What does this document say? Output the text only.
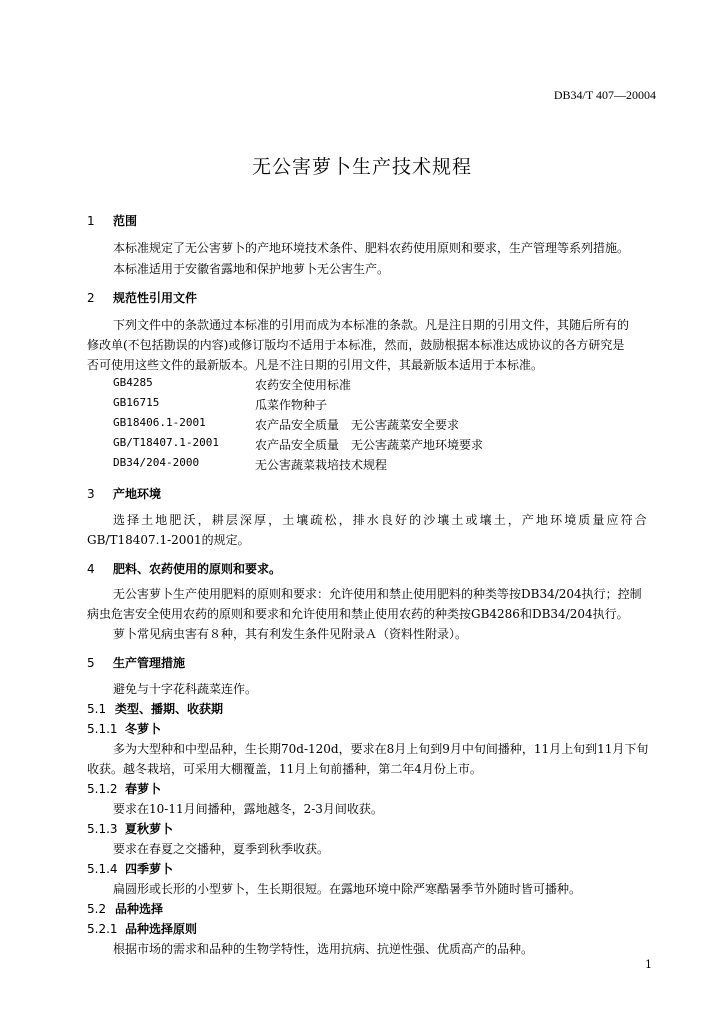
DB34/T 407—20004
无公害萝卜生产技术规程
1 范围
本标准规定了无公害萝卜的产地环境技术条件、肥料农药使用原则和要求，生产管理等系列措施。
本标准适用于安徽省露地和保护地萝卜无公害生产。
2 规范性引用文件
下列文件中的条款通过本标准的引用而成为本标准的条款。凡是注日期的引用文件，其随后所有的
修改单(不包括勘误的内容)或修订版均不适用于本标准，然而，鼓励根据本标准达成协议的各方研究是
否可使用这些文件的最新版本。凡是不注日期的引用文件，其最新版本适用于本标准。
GB4285	农药安全使用标准
GB16715	瓜菜作物种子
GB18406.1-2001	农产品安全质量　无公害蔬菜安全要求
GB/T18407.1-2001	农产品安全质量　无公害蔬菜产地环境要求
DB34/204-2000	无公害蔬菜栽培技术规程
3 产地环境
选择土地肥沃，耕层深厚，土壤疏松，排水良好的沙壤土或壤土，产地环境质量应符合
GB/T18407.1-2001的规定。
4 肥料、农药使用的原则和要求。
无公害萝卜生产使用肥料的原则和要求：允许使用和禁止使用肥料的种类等按DB34/204执行；控制
病虫危害安全使用农药的原则和要求和允许使用和禁止使用农药的种类按GB4286和DB34/204执行。
萝卜常见病虫害有８种，其有利发生条件见附录Ａ（资料性附录）。
5 生产管理措施
避免与十字花科蔬菜连作。
5.1 类型、播期、收获期
5.1.1 冬萝卜
多为大型种和中型品种，生长期70d-120d，要求在8月上旬到9月中旬间播种，11月上旬到11月下旬
收获。越冬栽培，可采用大棚覆盖，11月上旬前播种，第二年4月份上市。
5.1.2 春萝卜
要求在10-11月间播种，露地越冬，2-3月间收获。
5.1.3 夏秋萝卜
要求在春夏之交播种，夏季到秋季收获。
5.1.4 四季萝卜
扁圆形或长形的小型萝卜，生长期很短。在露地环境中除严寒酷暑季节外随时皆可播种。
5.2 品种选择
5.2.1 品种选择原则
根据市场的需求和品种的生物学特性，选用抗病、抗逆性强、优质高产的品种。
1
